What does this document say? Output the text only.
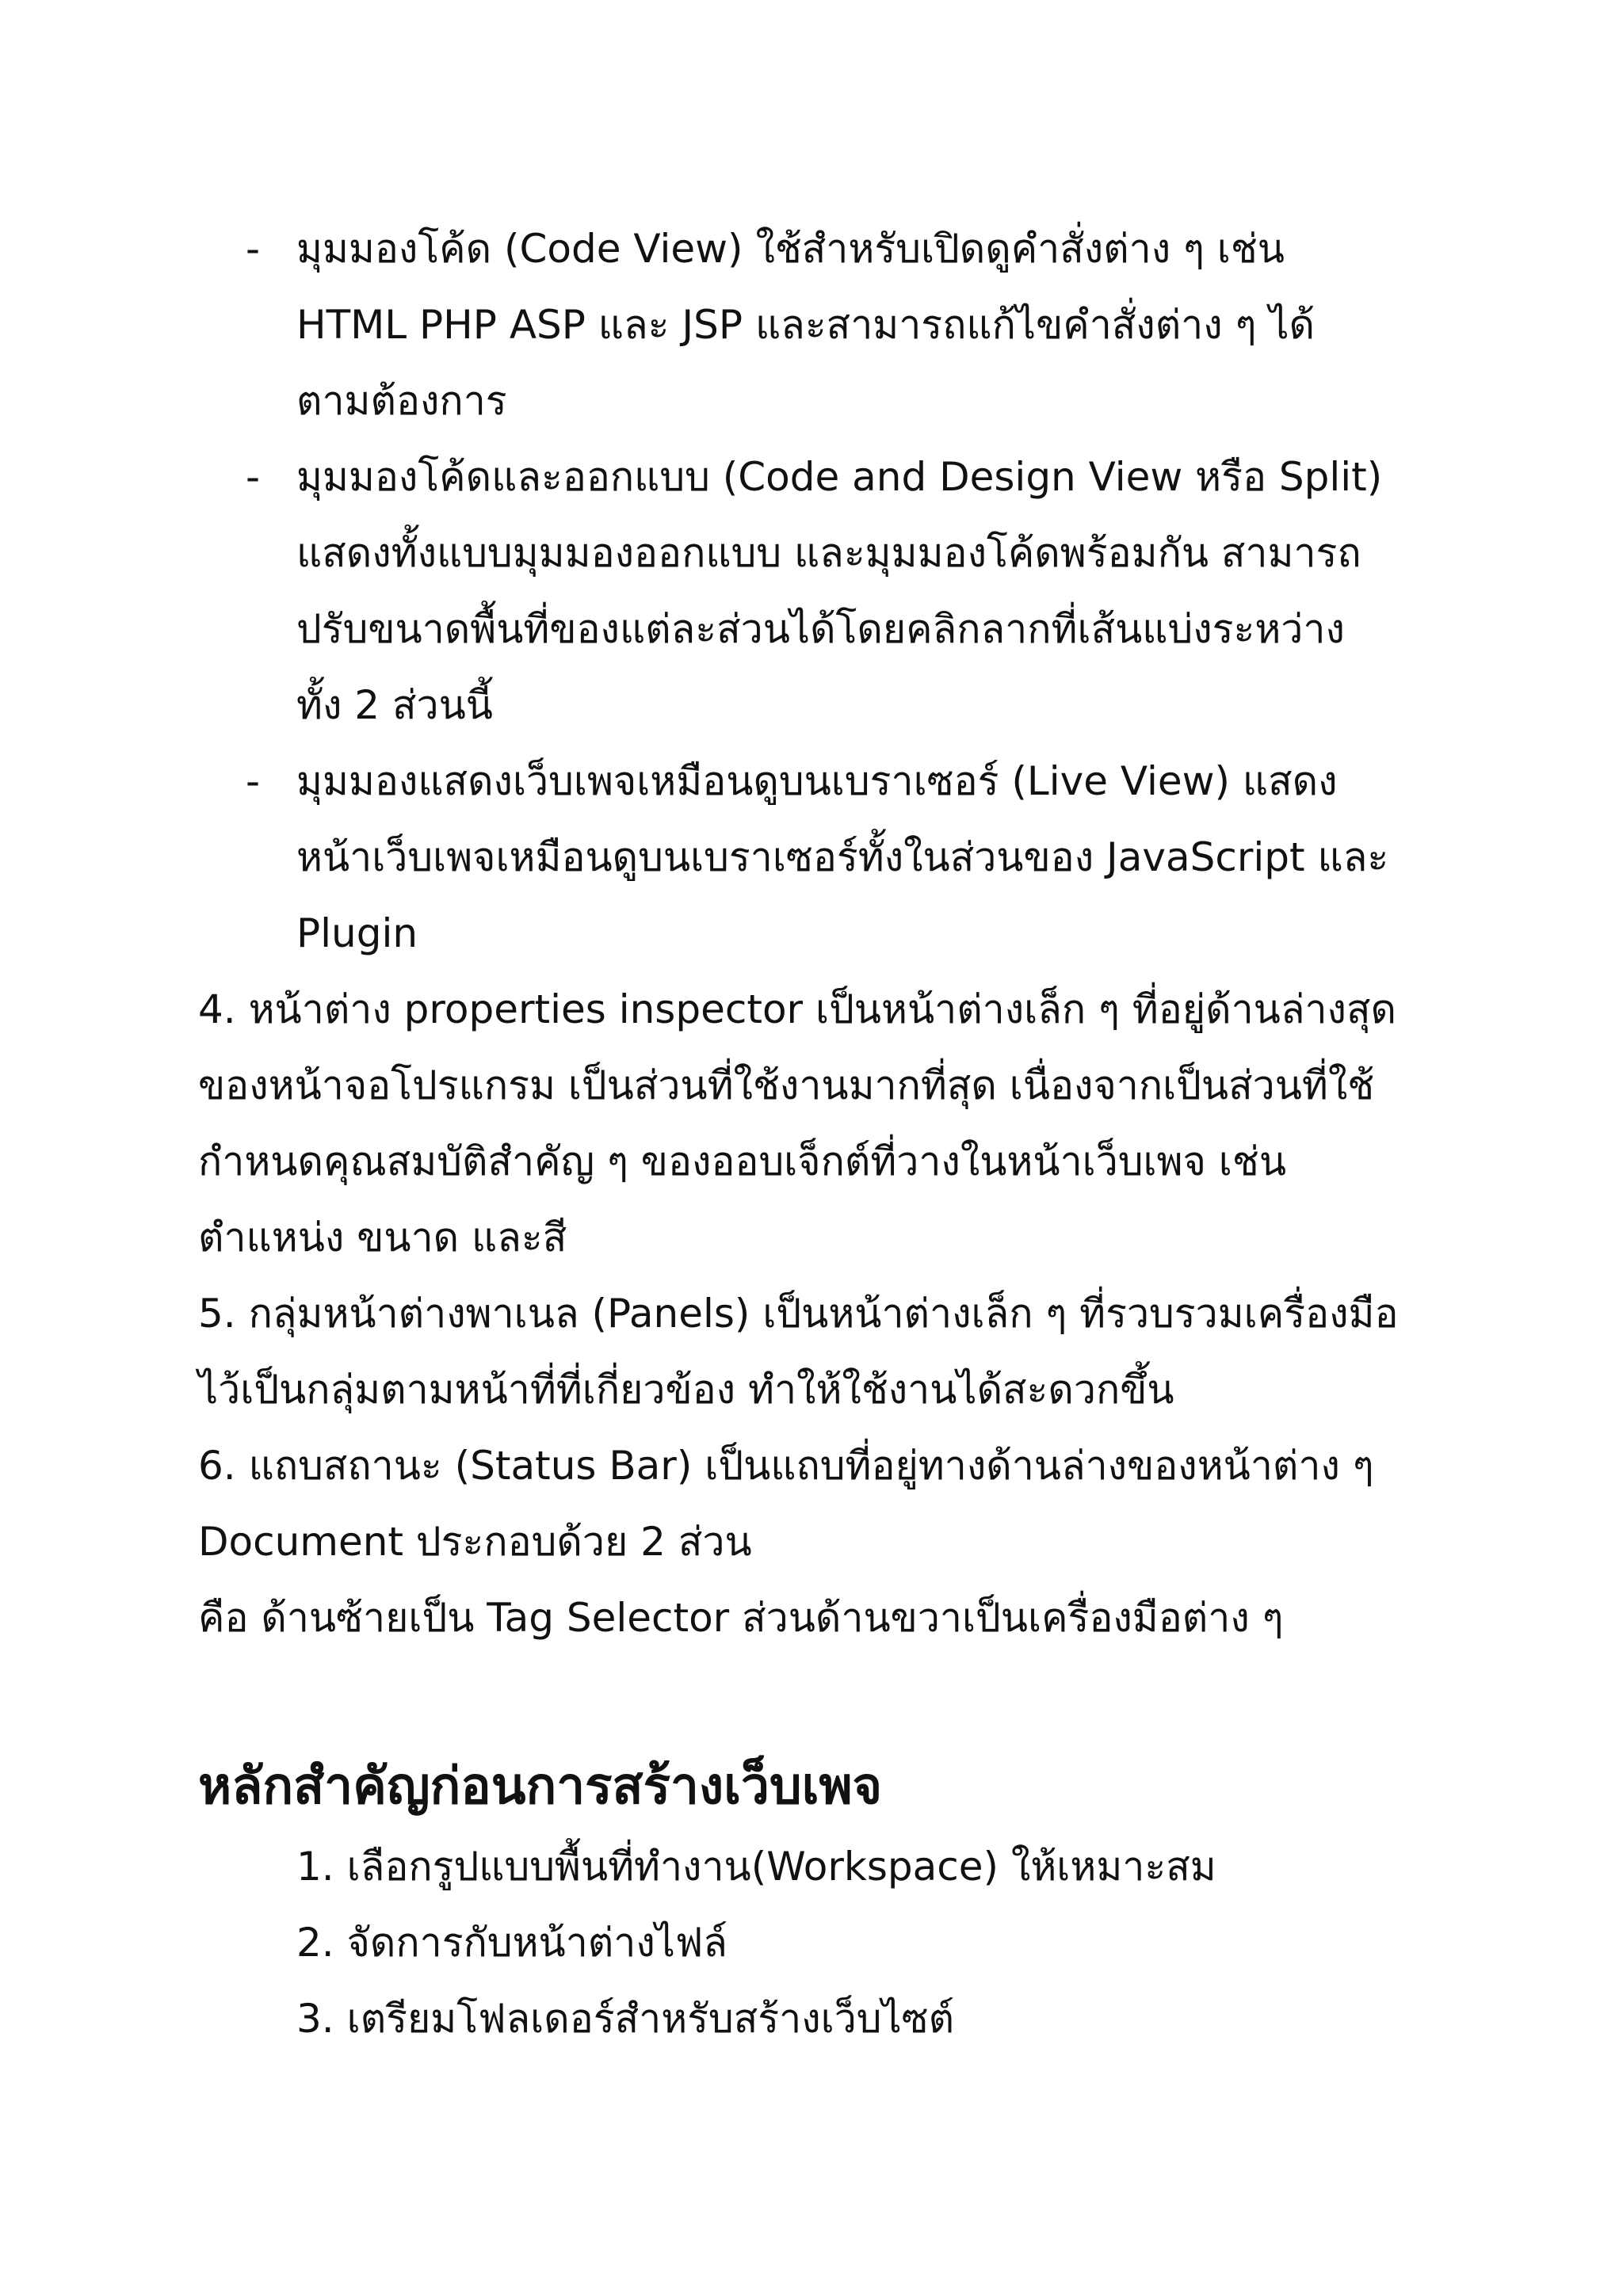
- มุมมองโค้ด (Code View) ใช้สำหรับเปิดดูคำสั่งต่าง ๆ เช่น
HTML PHP ASP และ JSP และสามารถแก้ไขคำสั่งต่าง ๆ ได้
ตามต้องการ
- มุมมองโค้ดและออกแบบ (Code and Design View หรือ Split)
แสดงทั้งแบบมุมมองออกแบบ และมุมมองโค้ดพร้อมกัน สามารถ
ปรับขนาดพื้นที่ของแต่ละส่วนได้โดยคลิกลากที่เส้นแบ่งระหว่าง
ทั้ง 2 ส่วนนี้
- มุมมองแสดงเว็บเพจเหมือนดูบนเบราเซอร์ (Live View) แสดง
หน้าเว็บเพจเหมือนดูบนเบราเซอร์ทั้งในส่วนของ JavaScript และ
Plugin
4. หน้าต่าง properties inspector เป็นหน้าต่างเล็ก ๆ ที่อยู่ด้านล่างสุด
ของหน้าจอโปรแกรม เป็นส่วนที่ใช้งานมากที่สุด เนื่องจากเป็นส่วนที่ใช้
กำหนดคุณสมบัติสำคัญ ๆ ของออบเจ็กต์ที่วางในหน้าเว็บเพจ เช่น
ตำแหน่ง ขนาด และสี
5. กลุ่มหน้าต่างพาเนล (Panels) เป็นหน้าต่างเล็ก ๆ ที่รวบรวมเครื่องมือ
ไว้เป็นกลุ่มตามหน้าที่ที่เกี่ยวข้อง ทำให้ใช้งานได้สะดวกขึ้น
6. แถบสถานะ (Status Bar) เป็นแถบที่อยู่ทางด้านล่างของหน้าต่าง ๆ
Document ประกอบด้วย 2 ส่วน
คือ ด้านซ้ายเป็น Tag Selector ส่วนด้านขวาเป็นเครื่องมือต่าง ๆ
หลักสำคัญก่อนการสร้างเว็บเพจ
1. เลือกรูปแบบพื้นที่ทำงาน(Workspace) ให้เหมาะสม
2. จัดการกับหน้าต่างไฟล์
3. เตรียมโฟลเดอร์สำหรับสร้างเว็บไซต์
